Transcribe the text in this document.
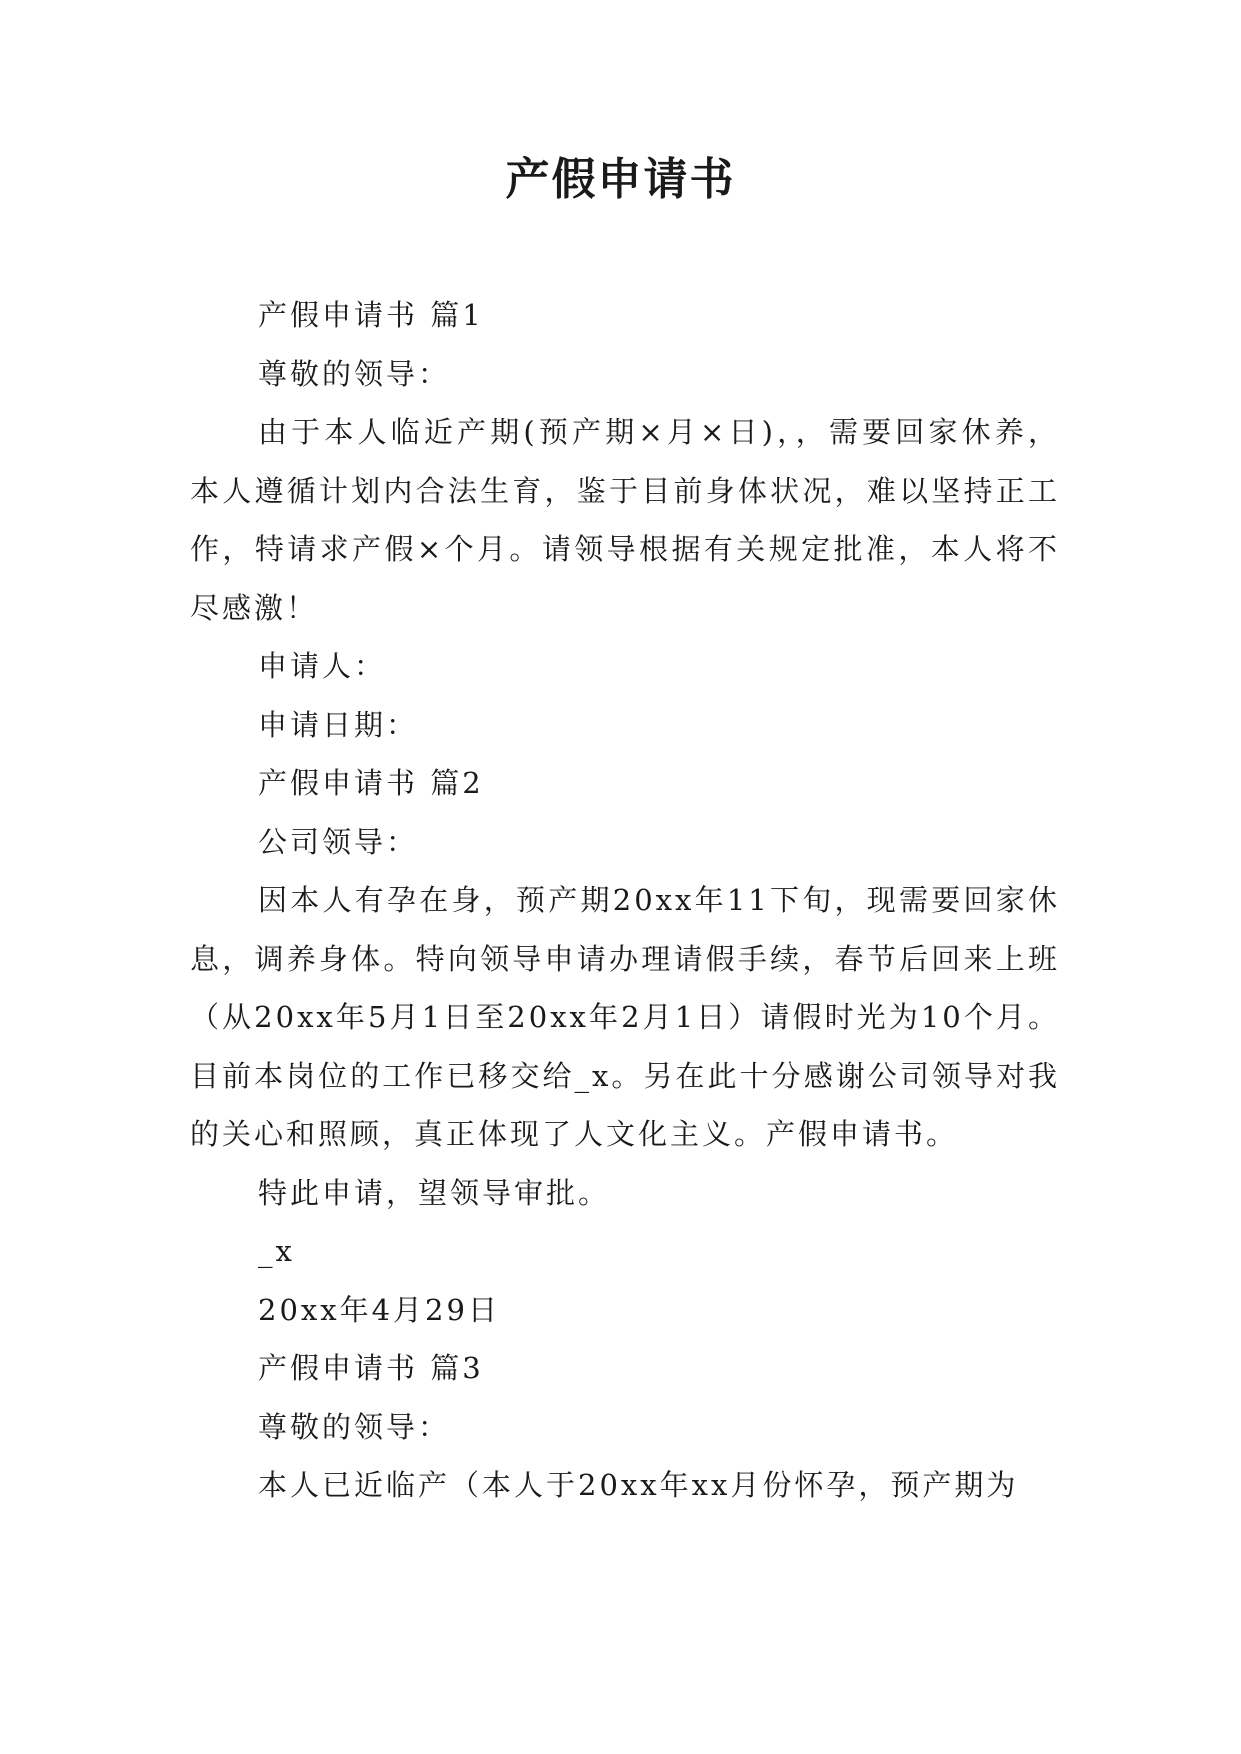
产假申请书

产假申请书 篇1

尊敬的领导：

由于本人临近产期(预产期×月×日)，，需要回家休养，本人遵循计划内合法生育，鉴于目前身体状况，难以坚持正工作，特请求产假×个月。请领导根据有关规定批准，本人将不尽感激！

申请人：

申请日期：

产假申请书 篇2

公司领导：

因本人有孕在身，预产期20xx年11下旬，现需要回家休息，调养身体。特向领导申请办理请假手续，春节后回来上班（从20xx年5月1日至20xx年2月1日）请假时光为10个月。目前本岗位的工作已移交给_x。另在此十分感谢公司领导对我的关心和照顾，真正体现了人文化主义。产假申请书。

特此申请，望领导审批。

_x

20xx年4月29日

产假申请书 篇3

尊敬的领导：

本人已近临产（本人于20xx年xx月份怀孕，预产期为
